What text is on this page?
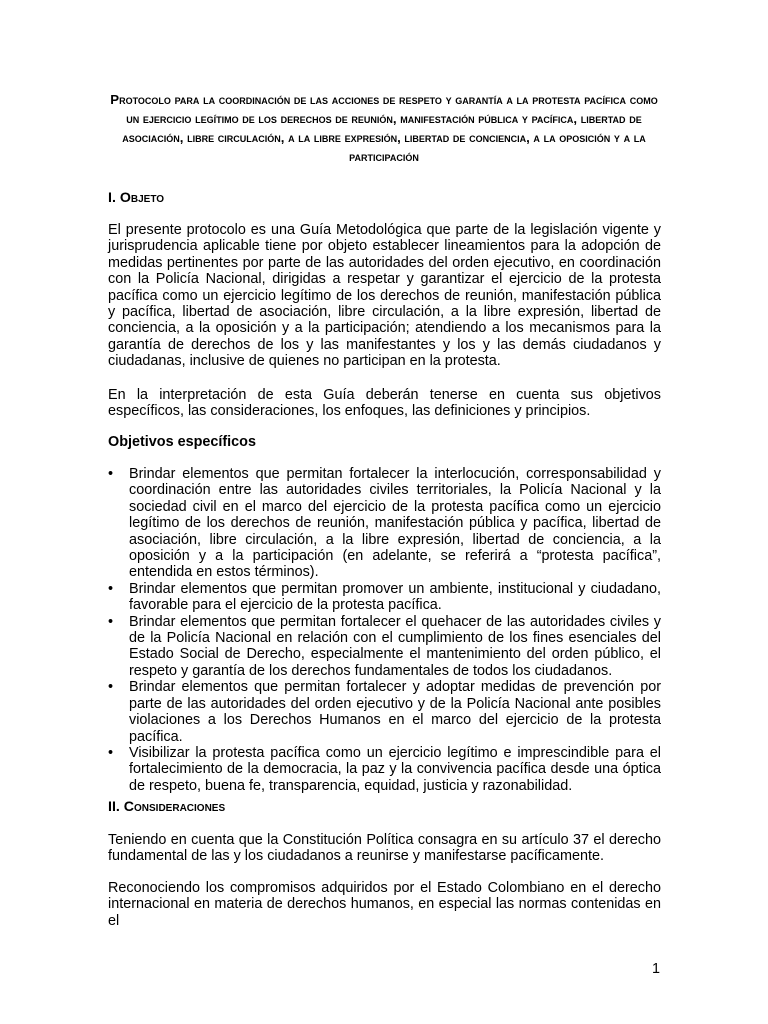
Protocolo para la coordinación de las acciones de respeto y garantía a la protesta pacífica como un ejercicio legítimo de los derechos de reunión, manifestación pública y pacífica, libertad de asociación, libre circulación, a la libre expresión, libertad de conciencia, a la oposición y a la participación
I. Objeto

El presente protocolo es una Guía Metodológica que parte de la legislación vigente y jurisprudencia aplicable tiene por objeto establecer lineamientos para la adopción de medidas pertinentes por parte de las autoridades del orden ejecutivo, en coordinación con la Policía Nacional, dirigidas a respetar y garantizar el ejercicio de la protesta pacífica como un ejercicio legítimo de los derechos de reunión, manifestación pública y pacífica, libertad de asociación, libre circulación, a la libre expresión, libertad de conciencia, a la oposición y a la participación; atendiendo a los mecanismos para la garantía de derechos de los y las manifestantes y los y las demás ciudadanos y ciudadanas, inclusive de quienes no participan en la protesta.

En la interpretación de esta Guía deberán tenerse en cuenta sus objetivos específicos, las consideraciones, los enfoques, las definiciones y principios.

Objetivos específicos
• Brindar elementos que permitan fortalecer la interlocución, corresponsabilidad y coordinación entre las autoridades civiles territoriales, la Policía Nacional y la sociedad civil en el marco del ejercicio de la protesta pacífica como un ejercicio legítimo de los derechos de reunión, manifestación pública y pacífica, libertad de asociación, libre circulación, a la libre expresión, libertad de conciencia, a la oposición y a la participación (en adelante, se referirá a “protesta pacífica”, entendida en estos términos).
• Brindar elementos que permitan promover un ambiente, institucional y ciudadano, favorable para el ejercicio de la protesta pacífica.
• Brindar elementos que permitan fortalecer el quehacer de las autoridades civiles y de la Policía Nacional en relación con el cumplimiento de los fines esenciales del Estado Social de Derecho, especialmente el mantenimiento del orden público, el respeto y garantía de los derechos fundamentales de todos los ciudadanos.
• Brindar elementos que permitan fortalecer y adoptar medidas de prevención por parte de las autoridades del orden ejecutivo y de la Policía Nacional ante posibles violaciones a los Derechos Humanos en el marco del ejercicio de la protesta pacífica.
• Visibilizar la protesta pacífica como un ejercicio legítimo e imprescindible para el fortalecimiento de la democracia, la paz y la convivencia pacífica desde una óptica de respeto, buena fe, transparencia, equidad, justicia y razonabilidad.
II. Consideraciones

Teniendo en cuenta que la Constitución Política consagra en su artículo 37 el derecho fundamental de las y los ciudadanos a reunirse y manifestarse pacíficamente.

Reconociendo los compromisos adquiridos por el Estado Colombiano en el derecho internacional en materia de derechos humanos, en especial las normas contenidas en el

1
